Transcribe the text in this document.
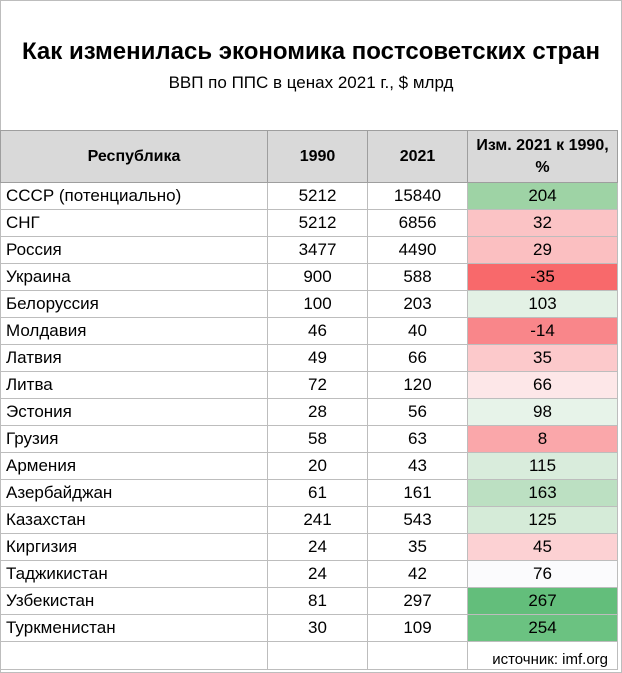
Как изменилась экономика постсоветских стран
ВВП по ППС в ценах 2021 г., $ млрд
Республика	1990	2021	Изм. 2021 к 1990, %
СССР (потенциально)	5212	15840	204
СНГ	5212	6856	32
Россия	3477	4490	29
Украина	900	588	-35
Белоруссия	100	203	103
Молдавия	46	40	-14
Латвия	49	66	35
Литва	72	120	66
Эстония	28	56	98
Грузия	58	63	8
Армения	20	43	115
Азербайджан	61	161	163
Казахстан	241	543	125
Киргизия	24	35	45
Таджикистан	24	42	76
Узбекистан	81	297	267
Туркменистан	30	109	254

источник: imf.org
